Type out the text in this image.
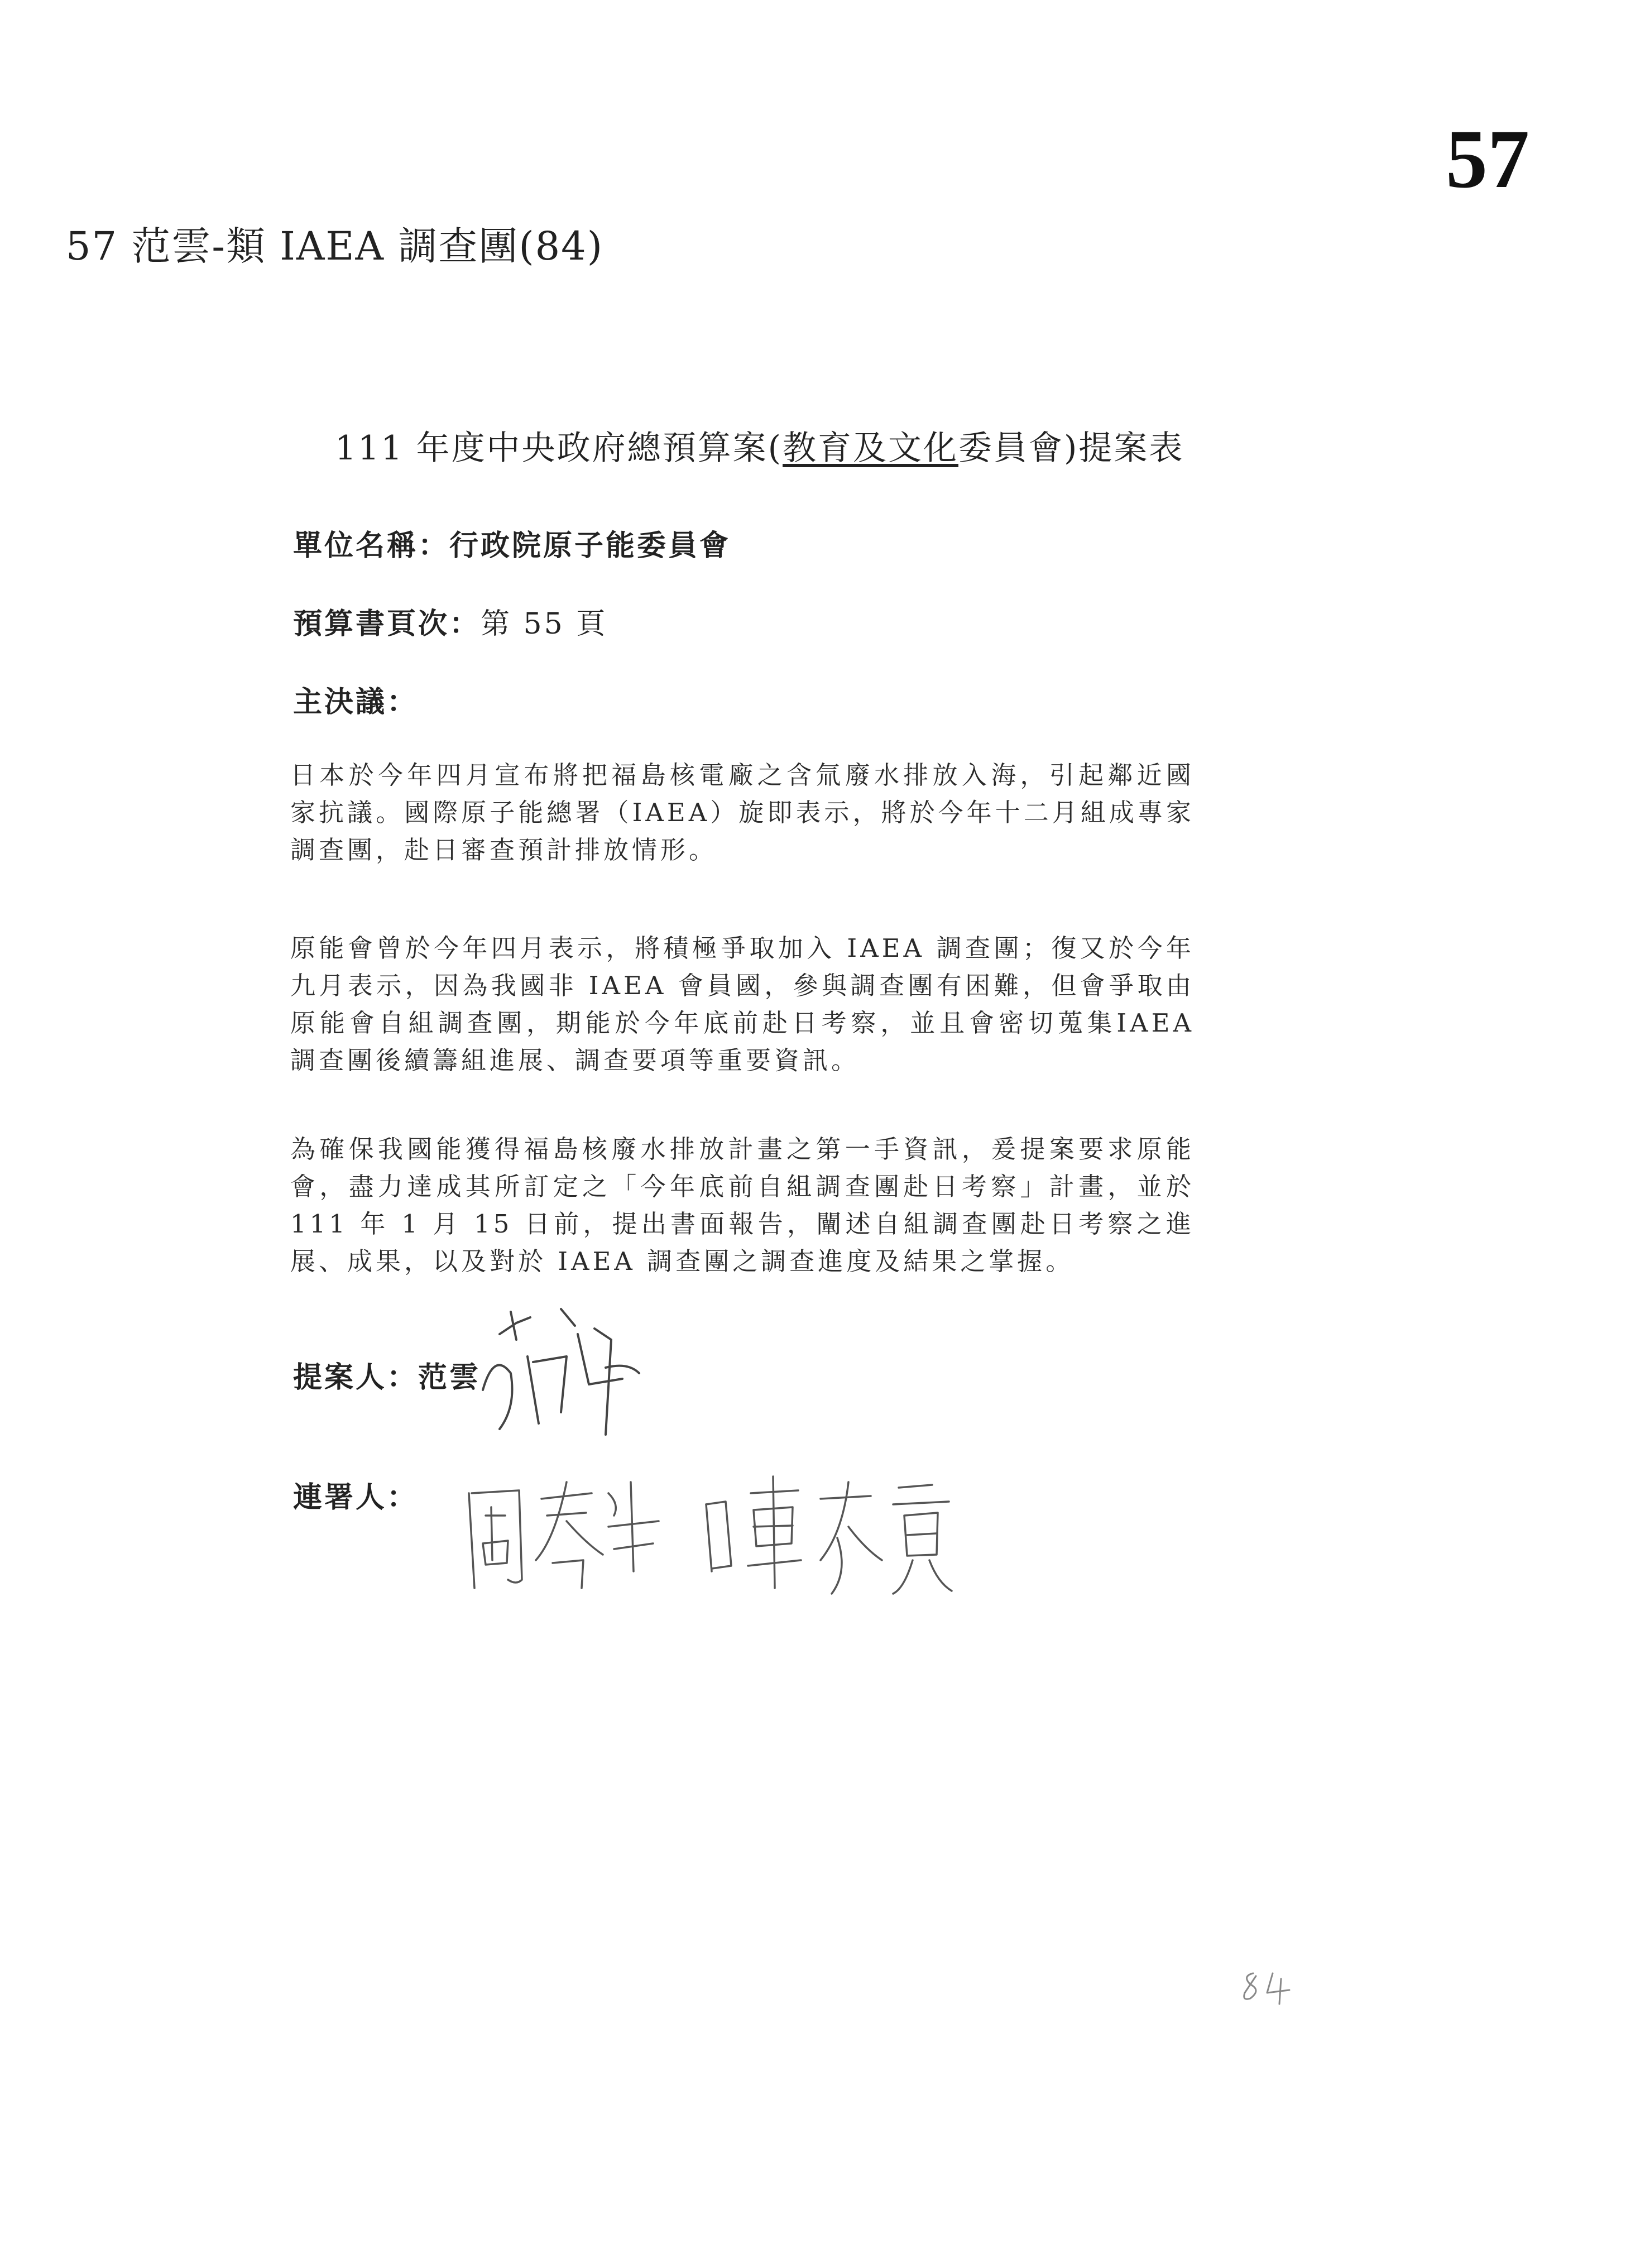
57
57 范雲-類 IAEA 調查團(84)
111 年度中央政府總預算案(教育及文化委員會)提案表
單位名稱：行政院原子能委員會
預算書頁次：第 55 頁
主決議：
日本於今年四月宣布將把福島核電廠之含氚廢水排放入海，引起鄰近國家抗議。國際原子能總署（IAEA）旋即表示，將於今年十二月組成專家調查團，赴日審查預計排放情形。
原能會曾於今年四月表示，將積極爭取加入 IAEA 調查團；復又於今年九月表示，因為我國非 IAEA 會員國，參與調查團有困難，但會爭取由原能會自組調查團，期能於今年底前赴日考察，並且會密切蒐集IAEA 調查團後續籌組進展、調查要項等重要資訊。
為確保我國能獲得福島核廢水排放計畫之第一手資訊，爰提案要求原能會，盡力達成其所訂定之「今年底前自組調查團赴日考察」計畫，並於 111 年 1 月 15 日前，提出書面報告，闡述自組調查團赴日考察之進展、成果，以及對於 IAEA 調查團之調查進度及結果之掌握。
提案人：范雲
連署人：
